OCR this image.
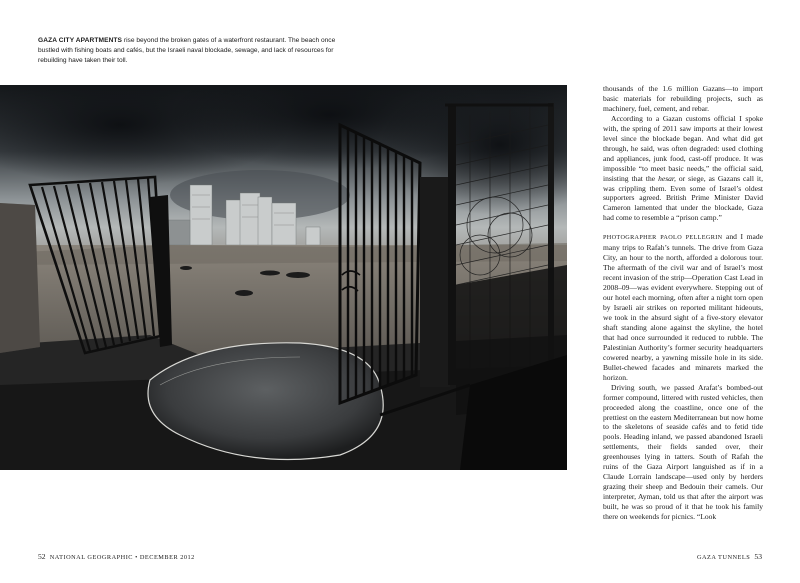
GAZA CITY APARTMENTS rise beyond the broken gates of a waterfront restaurant. The beach once bustled with fishing boats and cafés, but the Israeli naval blockade, sewage, and lack of resources for rebuilding have taken their toll.

thousands of the 1.6 million Gazans—to import basic materials for rebuilding projects, such as machinery, fuel, cement, and rebar.

According to a Gazan customs official I spoke with, the spring of 2011 saw imports at their lowest level since the blockade began. And what did get through, he said, was often degraded: used clothing and appliances, junk food, cast-off produce. It was impossible “to meet basic needs,” the official said, insisting that the hesar, or siege, as Gazans call it, was crippling them. Even some of Israel’s oldest supporters agreed. British Prime Minister David Cameron lamented that under the blockade, Gaza had come to resemble a “prison camp.”

PHOTOGRAPHER PAOLO PELLEGRIN and I made many trips to Rafah’s tunnels. The drive from Gaza City, an hour to the north, afforded a dolorous tour. The aftermath of the civil war and of Israel’s most recent invasion of the strip—Operation Cast Lead in 2008–09—was evident everywhere. Stepping out of our hotel each morning, often after a night torn open by Israeli air strikes on reported militant hideouts, we took in the absurd sight of a five-story elevator shaft standing alone against the skyline, the hotel that had once surrounded it reduced to rubble. The Palestinian Authority’s former security headquarters cowered nearby, a yawning missile hole in its side. Bullet-chewed facades and minarets marked the horizon.

Driving south, we passed Arafat’s bombed-out former compound, littered with rusted vehicles, then proceeded along the coastline, once one of the prettiest on the eastern Mediterranean but now home to the skeletons of seaside cafés and to fetid tide pools. Heading inland, we passed abandoned Israeli settlements, their fields sanded over, their greenhouses lying in tatters. South of Rafah the ruins of the Gaza Airport languished as if in a Claude Lorrain landscape—used only by herders grazing their sheep and Bedouin their camels. Our interpreter, Ayman, told us that after the airport was built, he was so proud of it that he took his family there on weekends for picnics. “Look

52 NATIONAL GEOGRAPHIC • DECEMBER 2012	GAZA TUNNELS 53
